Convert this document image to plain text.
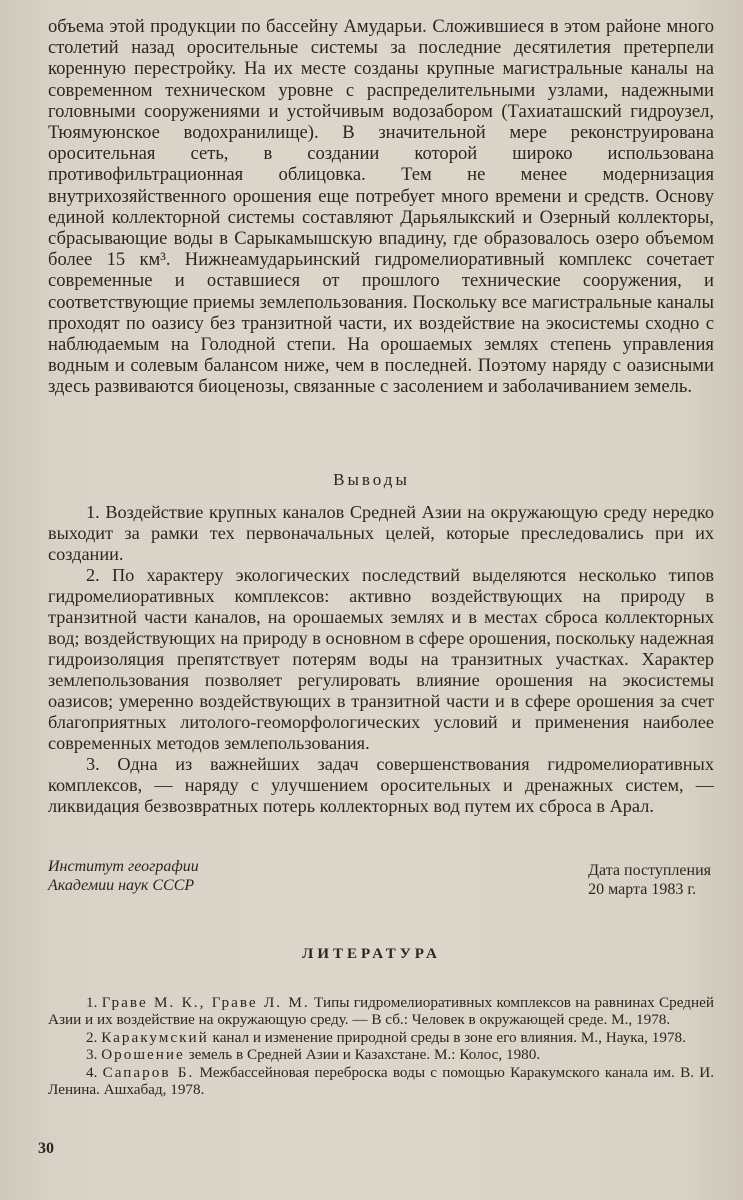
объема этой продукции по бассейну Амударьи. Сложившиеся в этом районе много столетий назад оросительные системы за последние десятилетия претерпели коренную перестройку. На их месте созданы крупные магистральные каналы на современном техническом уровне с распределительными узлами, надежными головными сооружениями и устойчивым водозабором (Тахиаташский гидроузел, Тюямуюнское водохранилище). В значительной мере реконструирована оросительная сеть, в создании которой широко использована противофильтрационная облицовка. Тем не менее модернизация внутрихозяйственного орошения еще потребует много времени и средств. Основу единой коллекторной системы составляют Дарьялыкский и Озерный коллекторы, сбрасывающие воды в Сарыкамышскую впадину, где образовалось озеро объемом более 15 км³. Нижнеамударьинский гидромелиоративный комплекс сочетает современные и оставшиеся от прошлого технические сооружения, и соответствующие приемы землепользования. Поскольку все магистральные каналы проходят по оазису без транзитной части, их воздействие на экосистемы сходно с наблюдаемым на Голодной степи. На орошаемых землях степень управления водным и солевым балансом ниже, чем в последней. Поэтому наряду с оазисными здесь развиваются биоценозы, связанные с засолением и заболачиванием земель.

Выводы

1. Воздействие крупных каналов Средней Азии на окружающую среду нередко выходит за рамки тех первоначальных целей, которые преследовались при их создании.

2. По характеру экологических последствий выделяются несколько типов гидромелиоративных комплексов: активно воздействующих на природу в транзитной части каналов, на орошаемых землях и в местах сброса коллекторных вод; воздействующих на природу в основном в сфере орошения, поскольку надежная гидроизоляция препятствует потерям воды на транзитных участках. Характер землепользования позволяет регулировать влияние орошения на экосистемы оазисов; умеренно воздействующих в транзитной части и в сфере орошения за счет благоприятных литолого-геоморфологических условий и применения наиболее современных методов землепользования.

3. Одна из важнейших задач совершенствования гидромелиоративных комплексов, — наряду с улучшением оросительных и дренажных систем, — ликвидация безвозвратных потерь коллекторных вод путем их сброса в Арал.

Институт географии
Академии наук СССР
Дата поступления
20 марта 1983 г.
ЛИТЕРАТУРА

1. Граве М. К., Граве Л. М. Типы гидромелиоративных комплексов на равнинах Средней Азии и их воздействие на окружающую среду. — В сб.: Человек в окружающей среде. М., 1978.

2. Каракумский канал и изменение природной среды в зоне его влияния. М., Наука, 1978.

3. Орошение земель в Средней Азии и Казахстане. М.: Колос, 1980.

4. Сапаров Б. Межбассейновая переброска воды с помощью Каракумского канала им. В. И. Ленина. Ашхабад, 1978.

30
